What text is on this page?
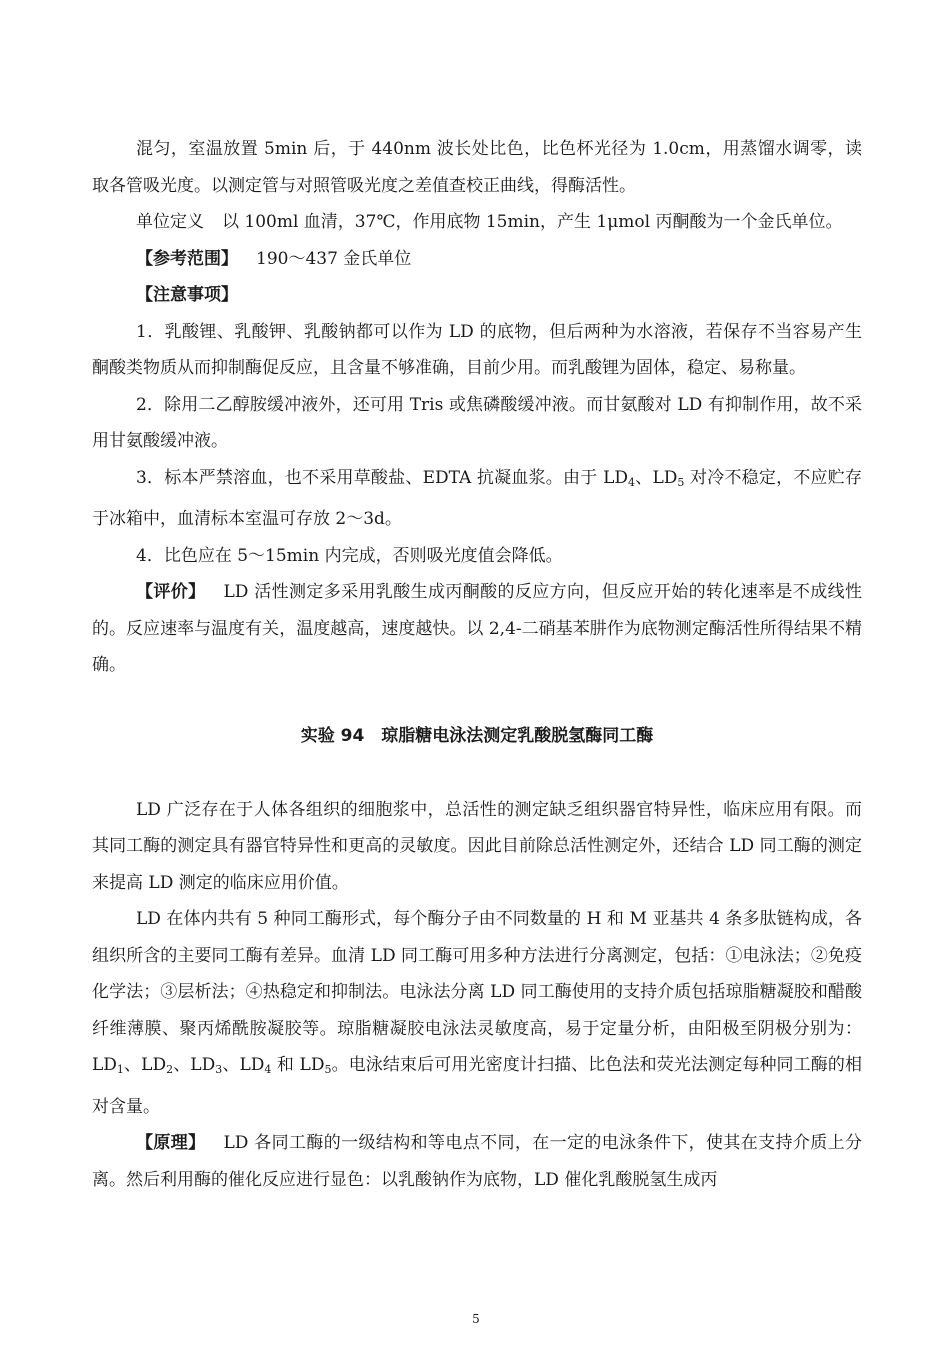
混匀，室温放置 5min 后，于 440nm 波长处比色，比色杯光径为 1.0cm，用蒸馏水调零，读取各管吸光度。以测定管与对照管吸光度之差值查校正曲线，得酶活性。

单位定义 以 100ml 血清，37℃，作用底物 15min，产生 1μmol 丙酮酸为一个金氏单位。

【参考范围】 190～437 金氏单位

【注意事项】

1．乳酸锂、乳酸钾、乳酸钠都可以作为 LD 的底物，但后两种为水溶液，若保存不当容易产生酮酸类物质从而抑制酶促反应，且含量不够准确，目前少用。而乳酸锂为固体，稳定、易称量。

2．除用二乙醇胺缓冲液外，还可用 Tris 或焦磷酸缓冲液。而甘氨酸对 LD 有抑制作用，故不采用甘氨酸缓冲液。

3．标本严禁溶血，也不采用草酸盐、EDTA 抗凝血浆。由于 $LD_4$、$LD_5$ 对冷不稳定，不应贮存于冰箱中，血清标本室温可存放 2～3d。

4．比色应在 5～15min 内完成，否则吸光度值会降低。

【评价】 LD 活性测定多采用乳酸生成丙酮酸的反应方向，但反应开始的转化速率是不成线性的。反应速率与温度有关，温度越高，速度越快。以 2,4-二硝基苯肼作为底物测定酶活性所得结果不精确。

实验 94　琼脂糖电泳法测定乳酸脱氢酶同工酶

LD 广泛存在于人体各组织的细胞浆中，总活性的测定缺乏组织器官特异性，临床应用有限。而其同工酶的测定具有器官特异性和更高的灵敏度。因此目前除总活性测定外，还结合 LD 同工酶的测定来提高 LD 测定的临床应用价值。

LD 在体内共有 5 种同工酶形式，每个酶分子由不同数量的 H 和 M 亚基共 4 条多肽链构成，各组织所含的主要同工酶有差异。血清 LD 同工酶可用多种方法进行分离测定，包括：①电泳法；②免疫化学法；③层析法；④热稳定和抑制法。电泳法分离 LD 同工酶使用的支持介质包括琼脂糖凝胶和醋酸纤维薄膜、聚丙烯酰胺凝胶等。琼脂糖凝胶电泳法灵敏度高，易于定量分析，由阳极至阴极分别为：$LD_1$、$LD_2$、$LD_3$、$LD_4$ 和 $LD_5$。电泳结束后可用光密度计扫描、比色法和荧光法测定每种同工酶的相对含量。

【原理】 LD 各同工酶的一级结构和等电点不同，在一定的电泳条件下，使其在支持介质上分离。然后利用酶的催化反应进行显色：以乳酸钠作为底物，LD 催化乳酸脱氢生成丙

5
